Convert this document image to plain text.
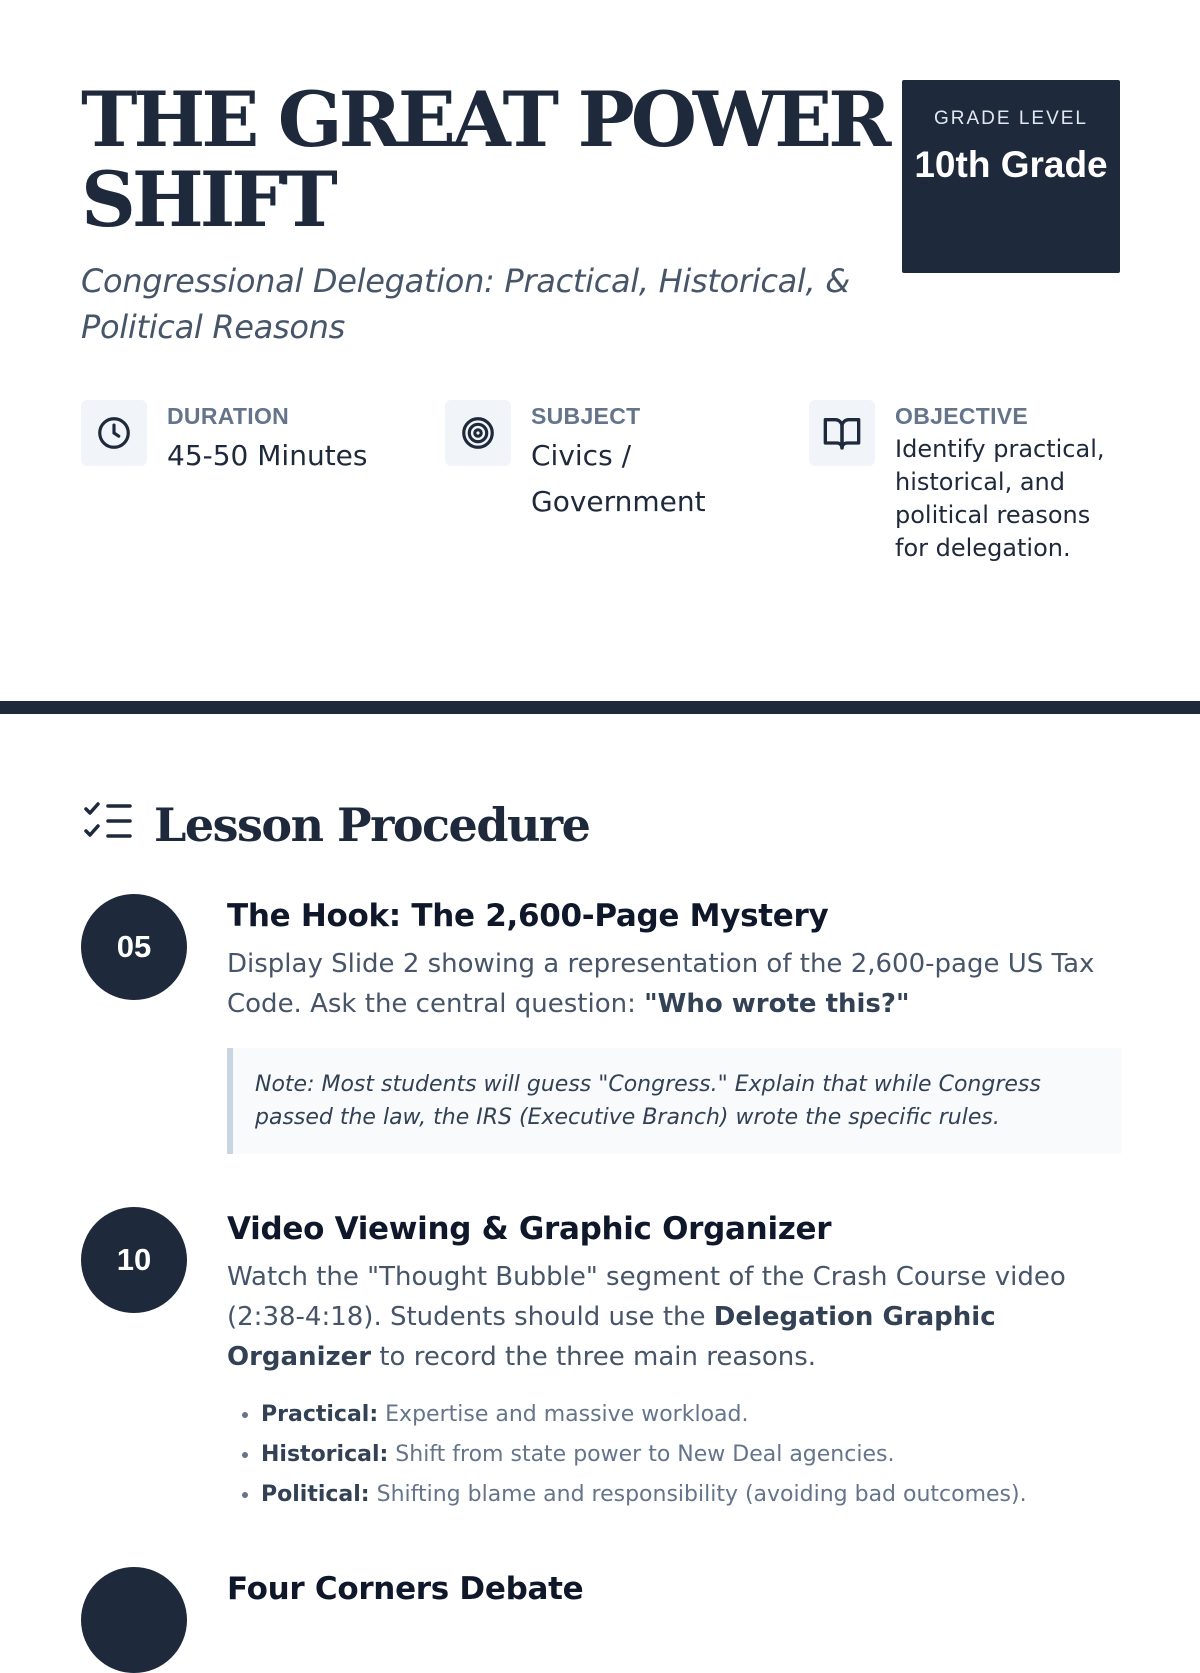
THE GREAT POWER SHIFT

Congressional Delegation: Practical, Historical, & Political Reasons

GRADE LEVEL
10th Grade
DURATION
45-50 Minutes
SUBJECT
Civics / Government
OBJECTIVE
Identify practical, historical, and political reasons for delegation.
Lesson Procedure
05
The Hook: The 2,600-Page Mystery

Display Slide 2 showing a representation of the 2,600-page US Tax Code. Ask the central question: "Who wrote this?"

Note: Most students will guess "Congress." Explain that while Congress passed the law, the IRS (Executive Branch) wrote the specific rules.
10
Video Viewing & Graphic Organizer

Watch the "Thought Bubble" segment of the Crash Course video (2:38-4:18). Students should use the Delegation Graphic Organizer to record the three main reasons.

• Practical: Expertise and massive workload.
• Historical: Shift from state power to New Deal agencies.
• Political: Shifting blame and responsibility (avoiding bad outcomes).
Four Corners Debate
